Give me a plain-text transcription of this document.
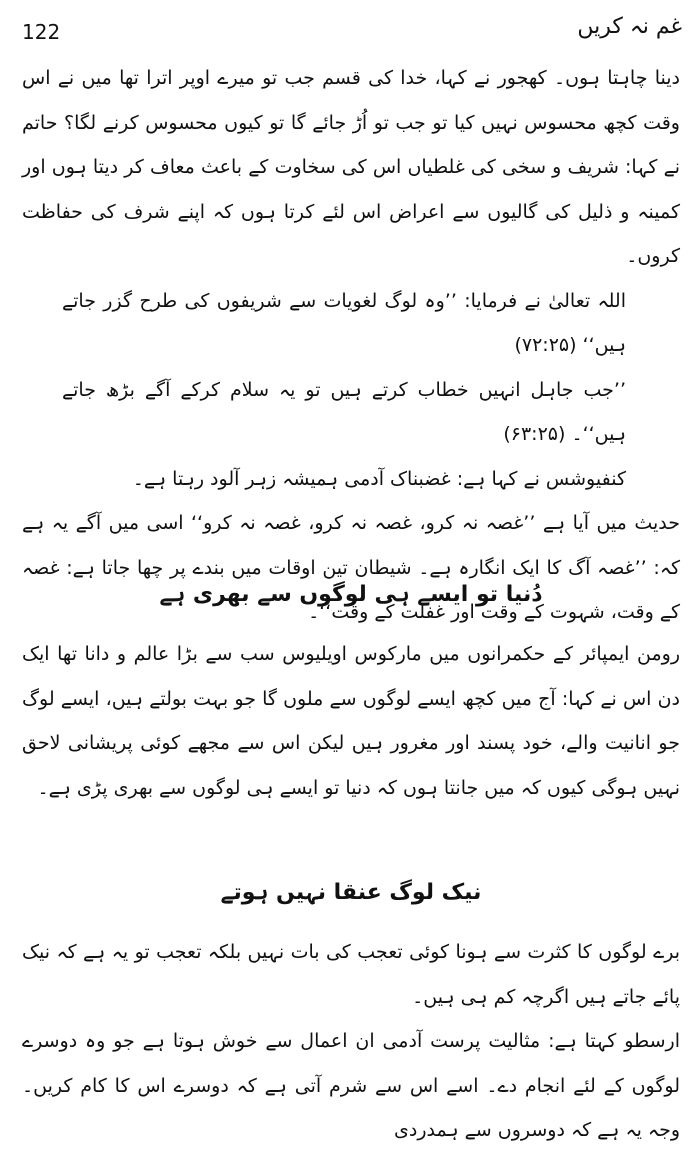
122	غم نہ کریں

دینا چاہتا ہوں۔ کھجور نے کہا، خدا کی قسم جب تو میرے اوپر اترا تھا میں نے اس وقت کچھ محسوس نہیں کیا تو جب تو اُڑ جائے گا تو کیوں محسوس کرنے لگا؟ حاتم نے کہا: شریف و سخی کی غلطیاں اس کی سخاوت کے باعث معاف کر دیتا ہوں اور کمینہ و ذلیل کی گالیوں سے اعراض اس لئے کرتا ہوں کہ اپنے شرف کی حفاظت کروں۔

اللہ تعالیٰ نے فرمایا: ’’وہ لوگ لغویات سے شریفوں کی طرح گزر جاتے ہیں‘‘ (۷۲:۲۵)

’’جب جاہل انہیں خطاب کرتے ہیں تو یہ سلام کرکے آگے بڑھ جاتے ہیں‘‘۔ (۶۳:۲۵)

کنفیوشس نے کہا ہے: غضبناک آدمی ہمیشہ زہر آلود رہتا ہے۔

حدیث میں آیا ہے ’’غصہ نہ کرو، غصہ نہ کرو، غصہ نہ کرو‘‘ اسی میں آگے یہ ہے کہ: ’’غصہ آگ کا ایک انگارہ ہے۔ شیطان تین اوقات میں بندے پر چھا جاتا ہے: غصہ کے وقت، شہوت کے وقت اور غفلت کے وقت‘‘۔

دُنیا تو ایسے ہی لوگوں سے بھری ہے

رومن ایمپائر کے حکمرانوں میں مارکوس اویلیوس سب سے بڑا عالم و دانا تھا ایک دن اس نے کہا: آج میں کچھ ایسے لوگوں سے ملوں گا جو بہت بولتے ہیں، ایسے لوگ جو انانیت والے، خود پسند اور مغرور ہیں لیکن اس سے مجھے کوئی پریشانی لاحق نہیں ہوگی کیوں کہ میں جانتا ہوں کہ دنیا تو ایسے ہی لوگوں سے بھری پڑی ہے۔

نیک لوگ عنقا نہیں ہوتے

برے لوگوں کا کثرت سے ہونا کوئی تعجب کی بات نہیں بلکہ تعجب تو یہ ہے کہ نیک پائے جاتے ہیں اگرچہ کم ہی ہیں۔

ارسطو کہتا ہے: مثالیت پرست آدمی ان اعمال سے خوش ہوتا ہے جو وہ دوسرے لوگوں کے لئے انجام دے۔ اسے اس سے شرم آتی ہے کہ دوسرے اس کا کام کریں۔ وجہ یہ ہے کہ دوسروں سے ہمدردی
